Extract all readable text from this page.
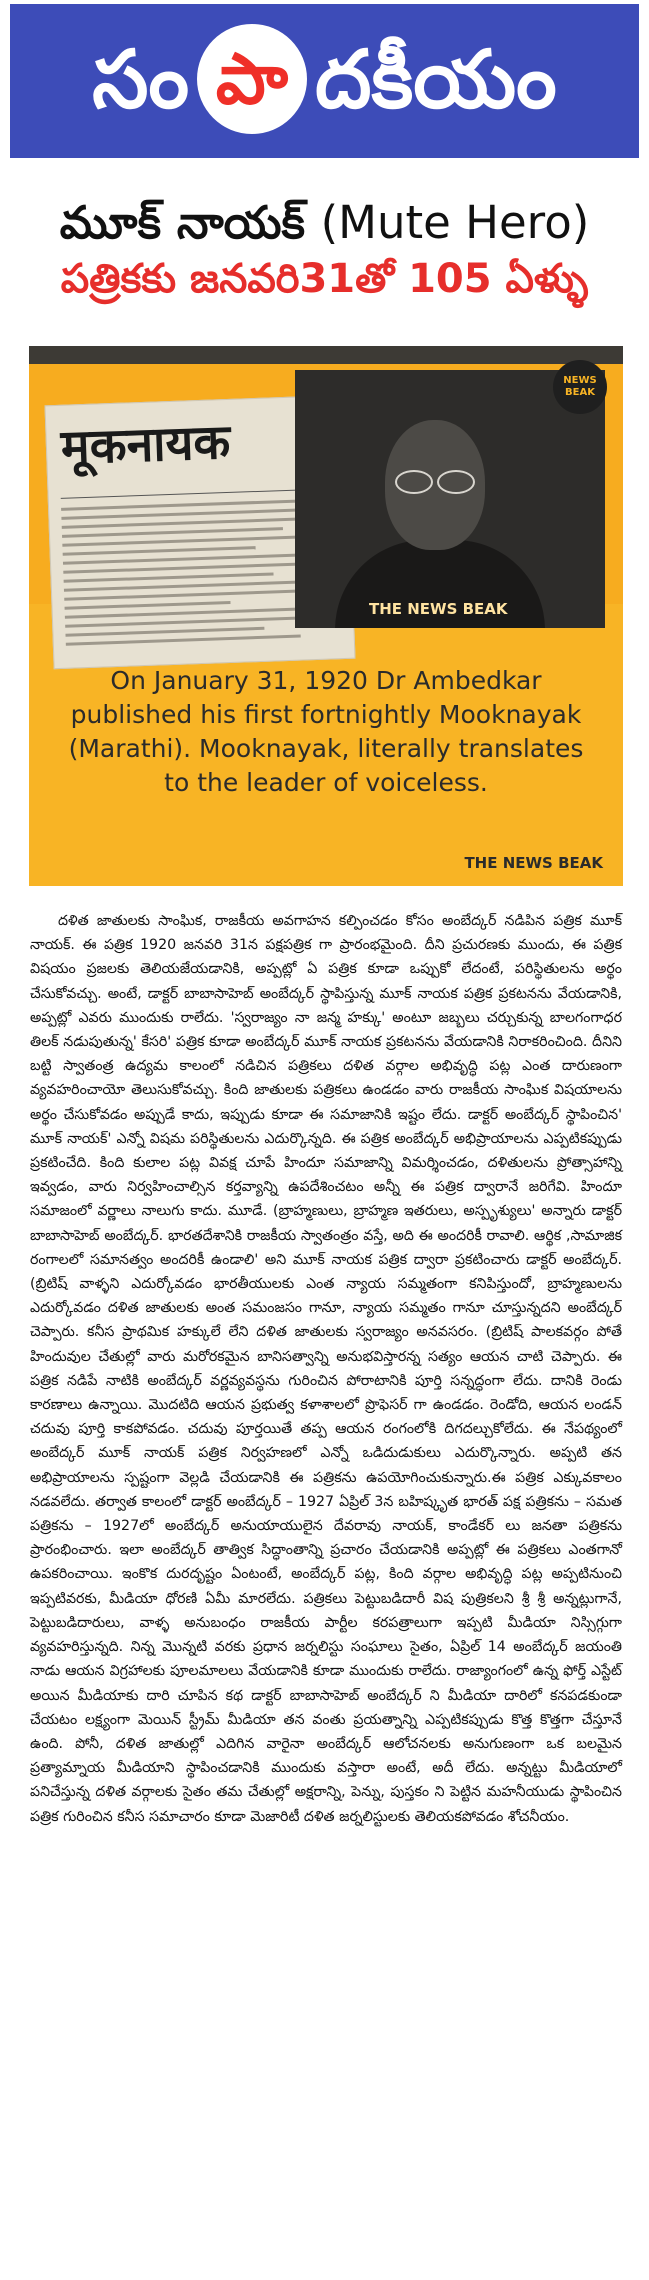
సం పా దకీయం
మూక్ నాయక్ (Mute Hero)
పత్రికకు జనవరి31తో 105 ఏళ్ళు
मूकनायक
THE NEWS BEAK
NEWS BEAK
On January 31, 1920 Dr Ambedkar published his first fortnightly Mooknayak (Marathi). Mooknayak, literally translates to the leader of voiceless.
THE NEWS BEAK

దళిత జాతులకు సాంఘిక, రాజకీయ అవగాహన కల్పించడం కోసం అంబేద్కర్ నడిపిన పత్రిక మూక్ నాయక్. ఈ పత్రిక 1920 జనవరి 31న పక్షపత్రిక గా ప్రారంభమైంది. దీని ప్రచురణకు ముందు, ఈ పత్రిక విషయం ప్రజలకు తెలియజేయడానికి, అప్పట్లో ఏ పత్రిక కూడా ఒప్పుకో లేదంటే, పరిస్థితులను అర్థం చేసుకోవచ్చు. అంటే, డాక్టర్ బాబాసాహెబ్ అంబేద్కర్ స్థాపిస్తున్న మూక్ నాయక పత్రిక ప్రకటనను వేయడానికి, అప్పట్లో ఎవరు ముందుకు రాలేదు. 'స్వరాజ్యం నా జన్మ హక్కు' అంటూ జబ్బలు చర్చుకున్న బాలగంగాధర తిలక్ నడుపుతున్న' కేసరి' పత్రిక కూడా అంబేద్కర్ మూక్ నాయక ప్రకటనను వేయడానికి నిరాకరించింది. దీనిని బట్టి స్వాతంత్ర ఉద్యమ కాలంలో నడిచిన పత్రికలు దళిత వర్గాల అభివృద్ధి పట్ల ఎంత దారుణంగా వ్యవహరించాయో తెలుసుకోవచ్చు. కింది జాతులకు పత్రికలు ఉండడం వారు రాజకీయ సాంఘిక విషయాలను అర్థం చేసుకోవడం అప్పుడే కాదు, ఇప్పుడు కూడా ఈ సమాజానికి ఇష్టం లేదు. డాక్టర్ అంబేద్కర్ స్థాపించిన' మూక్ నాయక్' ఎన్నో విషమ పరిస్థితులను ఎదుర్కొన్నది. ఈ పత్రిక అంబేద్కర్ అభిప్రాయాలను ఎప్పటికప్పుడు ప్రకటించేది. కింది కులాల పట్ల వివక్ష చూపే హిందూ సమాజాన్ని విమర్శించడం, దళితులను ప్రోత్సాహాన్ని ఇవ్వడం, వారు నిర్వహించాల్సిన కర్తవ్యాన్ని ఉపదేశించటం అన్నీ ఈ పత్రిక ద్వారానే జరిగేవి. హిందూ సమాజంలో వర్ణాలు నాలుగు కాదు. మూడే. (బ్రాహ్మణులు, బ్రాహ్మణ ఇతరులు, అస్పృశ్యులు' అన్నారు డాక్టర్ బాబాసాహెబ్ అంబేద్కర్. భారతదేశానికి రాజకీయ స్వాతంత్రం వస్తే, అది ఈ అందరికీ రావాలి. ఆర్థిక ,సామాజిక రంగాలలో సమానత్వం అందరికీ ఉండాలి' అని మూక్ నాయక పత్రిక ద్వారా ప్రకటించారు డాక్టర్ అంబేద్కర్. (బ్రిటిష్ వాళ్ళని ఎదుర్కోవడం భారతీయులకు ఎంత న్యాయ సమ్మతంగా కనిపిస్తుందో, బ్రాహ్మణులను ఎదుర్కోవడం దళిత జాతులకు అంత సమంజసం గానూ, న్యాయ సమ్మతం గానూ చూస్తున్నదని అంబేద్కర్ చెప్పారు. కనీస ప్రాథమిక హక్కులే లేని దళిత జాతులకు స్వరాజ్యం అనవసరం. (బ్రిటిష్ పాలకవర్గం పోతే హిందువుల చేతుల్లో వారు మరోరకమైన బానిసత్వాన్ని అనుభవిస్తారన్న సత్యం ఆయన చాటి చెప్పారు. ఈ పత్రిక నడిపే నాటికి అంబేద్కర్ వర్ణవ్యవస్థను గురించిన పోరాటానికి పూర్తి సన్నద్ధంగా లేదు. దానికి రెండు కారణాలు ఉన్నాయి. మొదటిది ఆయన ప్రభుత్వ కళాశాలలో ప్రొఫెసర్ గా ఉండడం. రెండోది, ఆయన లండన్ చదువు పూర్తి కాకపోవడం. చదువు పూర్తయితే తప్ప ఆయన రంగంలోకి దిగదల్చుకోలేదు. ఈ నేపథ్యంలో అంబేద్కర్ మూక్ నాయక్ పత్రిక నిర్వహణలో ఎన్నో ఒడిదుడుకులు ఎదుర్కొన్నారు. అప్పటి తన అభిప్రాయాలను స్పష్టంగా వెల్లడి చేయడానికి ఈ పత్రికను ఉపయోగించుకున్నారు.ఈ పత్రిక ఎక్కువకాలం నడవలేదు. తర్వాత కాలంలో డాక్టర్ అంబేద్కర్ – 1927 ఏప్రిల్ 3న బహిష్కృత భారత్ పక్ష పత్రికను – సమత పత్రికను – 1927లో అంబేద్కర్ అనుయాయులైన దేవరావు నాయక్, కాండేకర్ లు జనతా పత్రికను ప్రారంభించారు. ఇలా అంబేద్కర్ తాత్విక సిద్ధాంతాన్ని ప్రచారం చేయడానికి అప్పట్లో ఈ పత్రికలు ఎంతగానో ఉపకరించాయి. ఇంకొక దురదృష్టం ఏంటంటే, అంబేద్కర్ పట్ల, కింది వర్గాల అభివృద్ధి పట్ల అప్పటినుంచి ఇప్పటివరకు, మీడియా ధోరణి ఏమీ మారలేదు. పత్రికలు పెట్టుబడిదారీ విష పుత్రికలని శ్రీ శ్రీ అన్నట్లుగానే, పెట్టుబడిదారులు, వాళ్ళ అనుబంధం రాజకీయ పార్టీల కరపత్రాలుగా ఇప్పటి మీడియా నిస్సిగ్గుగా వ్యవహరిస్తున్నది. నిన్న మొన్నటి వరకు ప్రధాన జర్నలిస్టు సంఘాలు సైతం, ఏప్రిల్ 14 అంబేద్కర్ జయంతి నాడు ఆయన విగ్రహాలకు పూలమాలలు వేయడానికి కూడా ముందుకు రాలేదు. రాజ్యాంగంలో ఉన్న ఫోర్త్ ఎస్టేట్ అయిన మీడియాకు దారి చూపిన కథ డాక్టర్ బాబాసాహెబ్ అంబేద్కర్ ని మీడియా దారిలో కనపడకుండా చేయటం లక్ష్యంగా మెయిన్ స్ట్రీమ్ మీడియా తన వంతు ప్రయత్నాన్ని ఎప్పటికప్పుడు కొత్త కొత్తగా చేస్తూనే ఉంది. పోనీ, దళిత జాతుల్లో ఎదిగిన వారైనా అంబేద్కర్ ఆలోచనలకు అనుగుణంగా ఒక బలమైన ప్రత్యామ్నాయ మీడియాని స్థాపించడానికి ముందుకు వస్తారా అంటే, అదీ లేదు. అన్నట్టు మీడియాలో పనిచేస్తున్న దళిత వర్గాలకు సైతం తమ చేతుల్లో అక్షరాన్ని, పెన్ను, పుస్తకం ని పెట్టిన మహనీయుడు స్థాపించిన పత్రిక గురించిన కనీస సమాచారం కూడా మెజారిటీ దళిత జర్నలిస్టులకు తెలియకపోవడం శోచనీయం.
